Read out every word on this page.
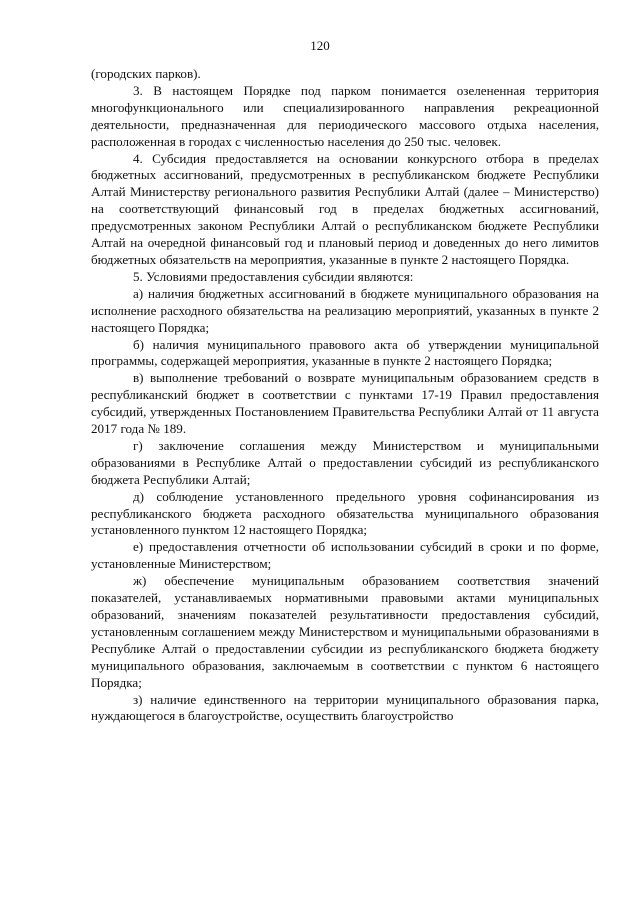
120

(городских парков).

3. В настоящем Порядке под парком понимается озелененная территория многофункционального или специализированного направления рекреационной деятельности, предназначенная для периодического массового отдыха населения, расположенная в городах с численностью населения до 250 тыс. человек.

4. Субсидия предоставляется на основании конкурсного отбора в пределах бюджетных ассигнований, предусмотренных в республиканском бюджете Республики Алтай Министерству регионального развития Республики Алтай (далее – Министерство) на соответствующий финансовый год в пределах бюджетных ассигнований, предусмотренных законом Республики Алтай о республиканском бюджете Республики Алтай на очередной финансовый год и плановый период и доведенных до него лимитов бюджетных обязательств на мероприятия, указанные в пункте 2 настоящего Порядка.

5. Условиями предоставления субсидии являются:

а) наличия бюджетных ассигнований в бюджете муниципального образования на исполнение расходного обязательства на реализацию мероприятий, указанных в пункте 2 настоящего Порядка;

б) наличия муниципального правового акта об утверждении муниципальной программы, содержащей мероприятия, указанные в пункте 2 настоящего Порядка;

в) выполнение требований о возврате муниципальным образованием средств в республиканский бюджет в соответствии с пунктами 17-19 Правил предоставления субсидий, утвержденных Постановлением Правительства Республики Алтай от 11 августа 2017 года № 189.

г) заключение соглашения между Министерством и муниципальными образованиями в Республике Алтай о предоставлении субсидий из республиканского бюджета Республики Алтай;

д) соблюдение установленного предельного уровня софинансирования из республиканского бюджета расходного обязательства муниципального образования установленного пунктом 12 настоящего Порядка;

е) предоставления отчетности об использовании субсидий в сроки и по форме, установленные Министерством;

ж) обеспечение муниципальным образованием соответствия значений показателей, устанавливаемых нормативными правовыми актами муниципальных образований, значениям показателей результативности предоставления субсидий, установленным соглашением между Министерством и муниципальными образованиями в Республике Алтай о предоставлении субсидии из республиканского бюджета бюджету муниципального образования, заключаемым в соответствии с пунктом 6 настоящего Порядка;

з) наличие единственного на территории муниципального образования парка, нуждающегося в благоустройстве, осуществить благоустройство
